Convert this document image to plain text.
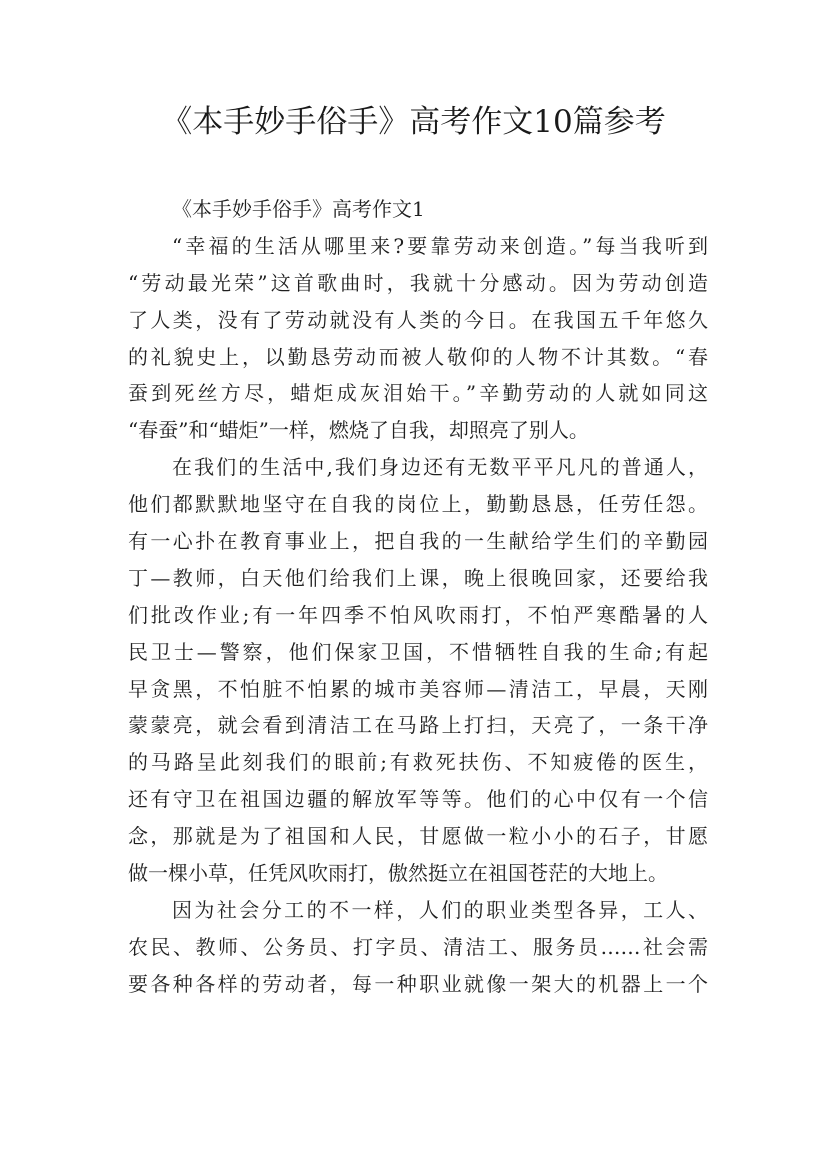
《本手妙手俗手》高考作文10篇参考
《本手妙手俗手》高考作文1
“幸福的生活从哪里来?要靠劳动来创造。”每当我听到
“劳动最光荣”这首歌曲时，我就十分感动。因为劳动创造
了人类，没有了劳动就没有人类的今日。在我国五千年悠久
的礼貌史上，以勤恳劳动而被人敬仰的人物不计其数。“春
蚕到死丝方尽，蜡炬成灰泪始干。”辛勤劳动的人就如同这
“春蚕”和“蜡炬”一样，燃烧了自我，却照亮了别人。
在我们的生活中,我们身边还有无数平平凡凡的普通人，
他们都默默地坚守在自我的岗位上，勤勤恳恳，任劳任怨。
有一心扑在教育事业上，把自我的一生献给学生们的辛勤园
丁—教师，白天他们给我们上课，晚上很晚回家，还要给我
们批改作业;有一年四季不怕风吹雨打，不怕严寒酷暑的人
民卫士—警察，他们保家卫国，不惜牺牲自我的生命;有起
早贪黑，不怕脏不怕累的城市美容师—清洁工，早晨，天刚
蒙蒙亮，就会看到清洁工在马路上打扫，天亮了，一条干净
的马路呈此刻我们的眼前;有救死扶伤、不知疲倦的医生，
还有守卫在祖国边疆的解放军等等。他们的心中仅有一个信
念，那就是为了祖国和人民，甘愿做一粒小小的石子，甘愿
做一棵小草，任凭风吹雨打，傲然挺立在祖国苍茫的大地上。
因为社会分工的不一样，人们的职业类型各异，工人、
农民、教师、公务员、打字员、清洁工、服务员……社会需
要各种各样的劳动者，每一种职业就像一架大的机器上一个
